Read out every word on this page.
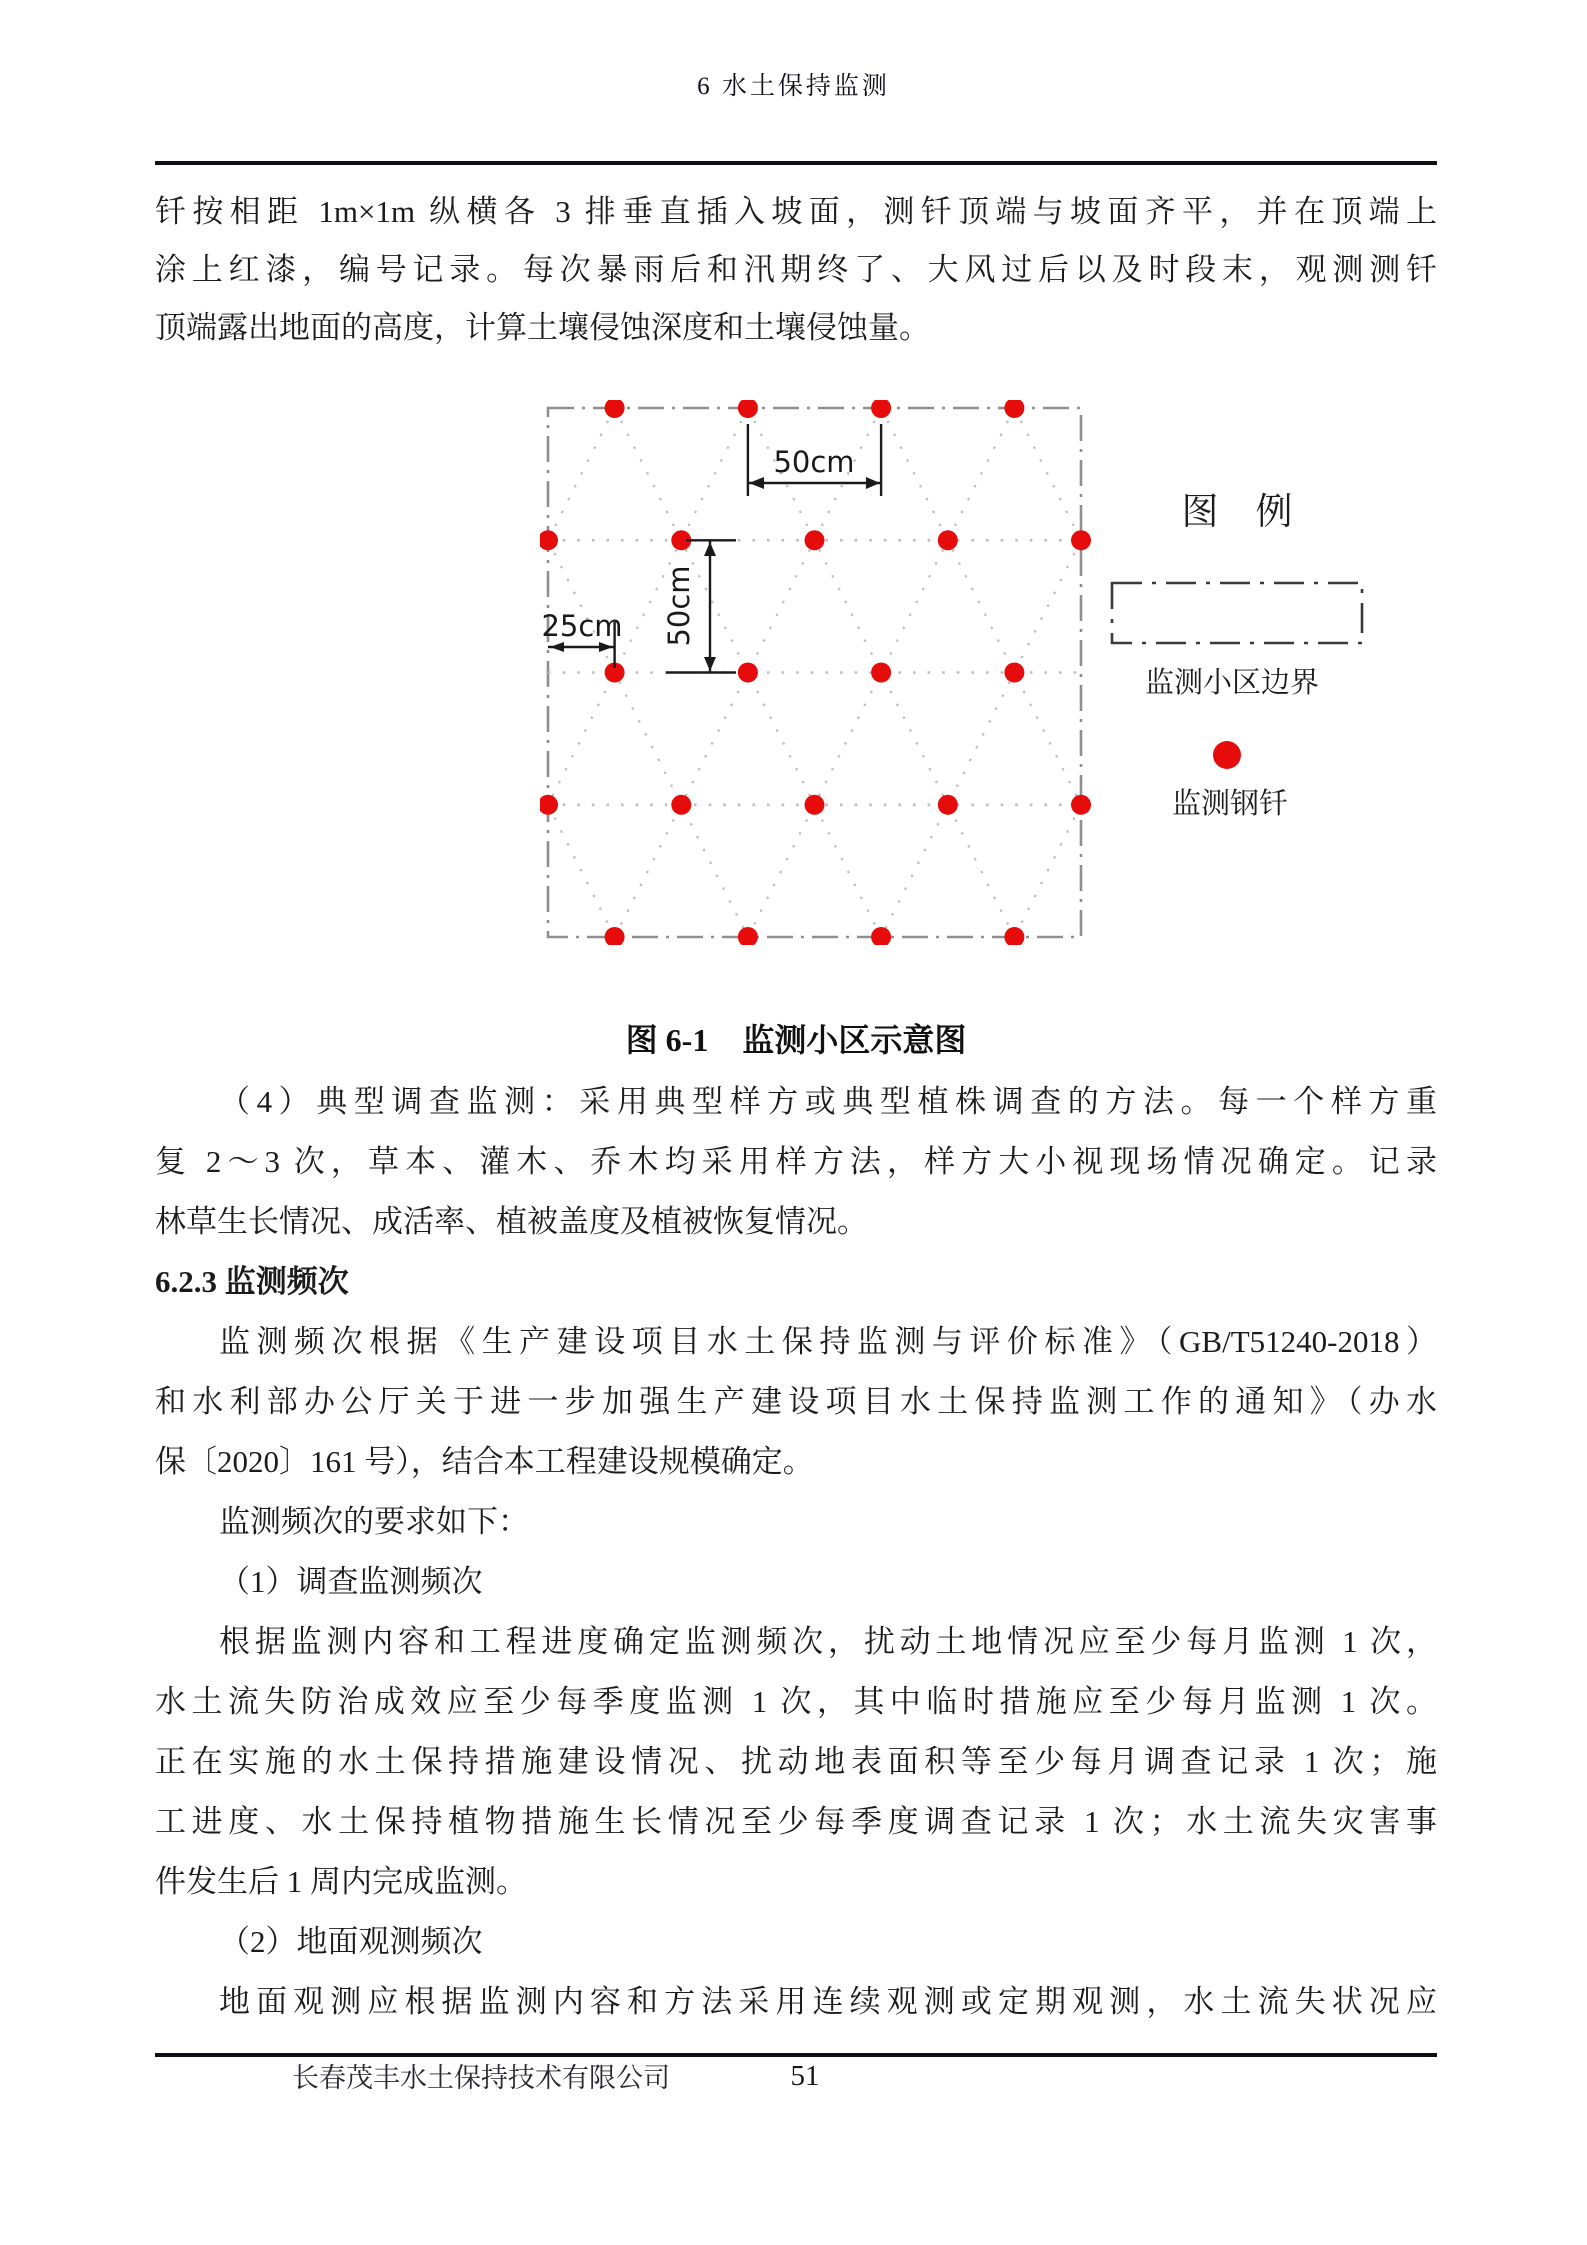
6 水土保持监测
钎按相距 1m×1m 纵横各 3 排垂直插入坡面，测钎顶端与坡面齐平，并在顶端上
涂上红漆，编号记录。每次暴雨后和汛期终了、大风过后以及时段末，观测测钎
顶端露出地面的高度，计算土壤侵蚀深度和土壤侵蚀量。
50cm
50cm
25cm
图　例
监测小区边界
监测钢钎
图 6-1 监测小区示意图
（4）典型调查监测：采用典型样方或典型植株调查的方法。每一个样方重
复 2～3 次，草本、灌木、乔木均采用样方法，样方大小视现场情况确定。记录
林草生长情况、成活率、植被盖度及植被恢复情况。
6.2.3 监测频次
监测频次根据《生产建设项目水土保持监测与评价标准》（GB/T51240-2018）
和水利部办公厅关于进一步加强生产建设项目水土保持监测工作的通知》（办水
保〔2020〕161 号），结合本工程建设规模确定。
监测频次的要求如下：
（1）调查监测频次
根据监测内容和工程进度确定监测频次，扰动土地情况应至少每月监测 1 次，
水土流失防治成效应至少每季度监测 1 次，其中临时措施应至少每月监测 1 次。
正在实施的水土保持措施建设情况、扰动地表面积等至少每月调查记录 1 次；施
工进度、水土保持植物措施生长情况至少每季度调查记录 1 次；水土流失灾害事
件发生后 1 周内完成监测。
（2）地面观测频次
地面观测应根据监测内容和方法采用连续观测或定期观测，水土流失状况应
长春茂丰水土保持技术有限公司	51
